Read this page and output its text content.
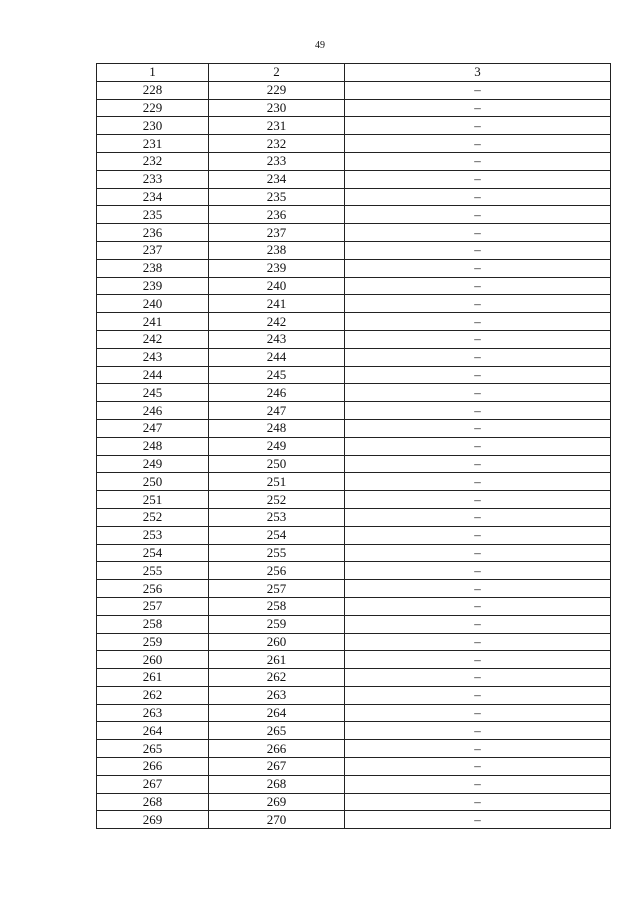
49
1	2	3
228	229	–
229	230	–
230	231	–
231	232	–
232	233	–
233	234	–
234	235	–
235	236	–
236	237	–
237	238	–
238	239	–
239	240	–
240	241	–
241	242	–
242	243	–
243	244	–
244	245	–
245	246	–
246	247	–
247	248	–
248	249	–
249	250	–
250	251	–
251	252	–
252	253	–
253	254	–
254	255	–
255	256	–
256	257	–
257	258	–
258	259	–
259	260	–
260	261	–
261	262	–
262	263	–
263	264	–
264	265	–
265	266	–
266	267	–
267	268	–
268	269	–
269	270	–
